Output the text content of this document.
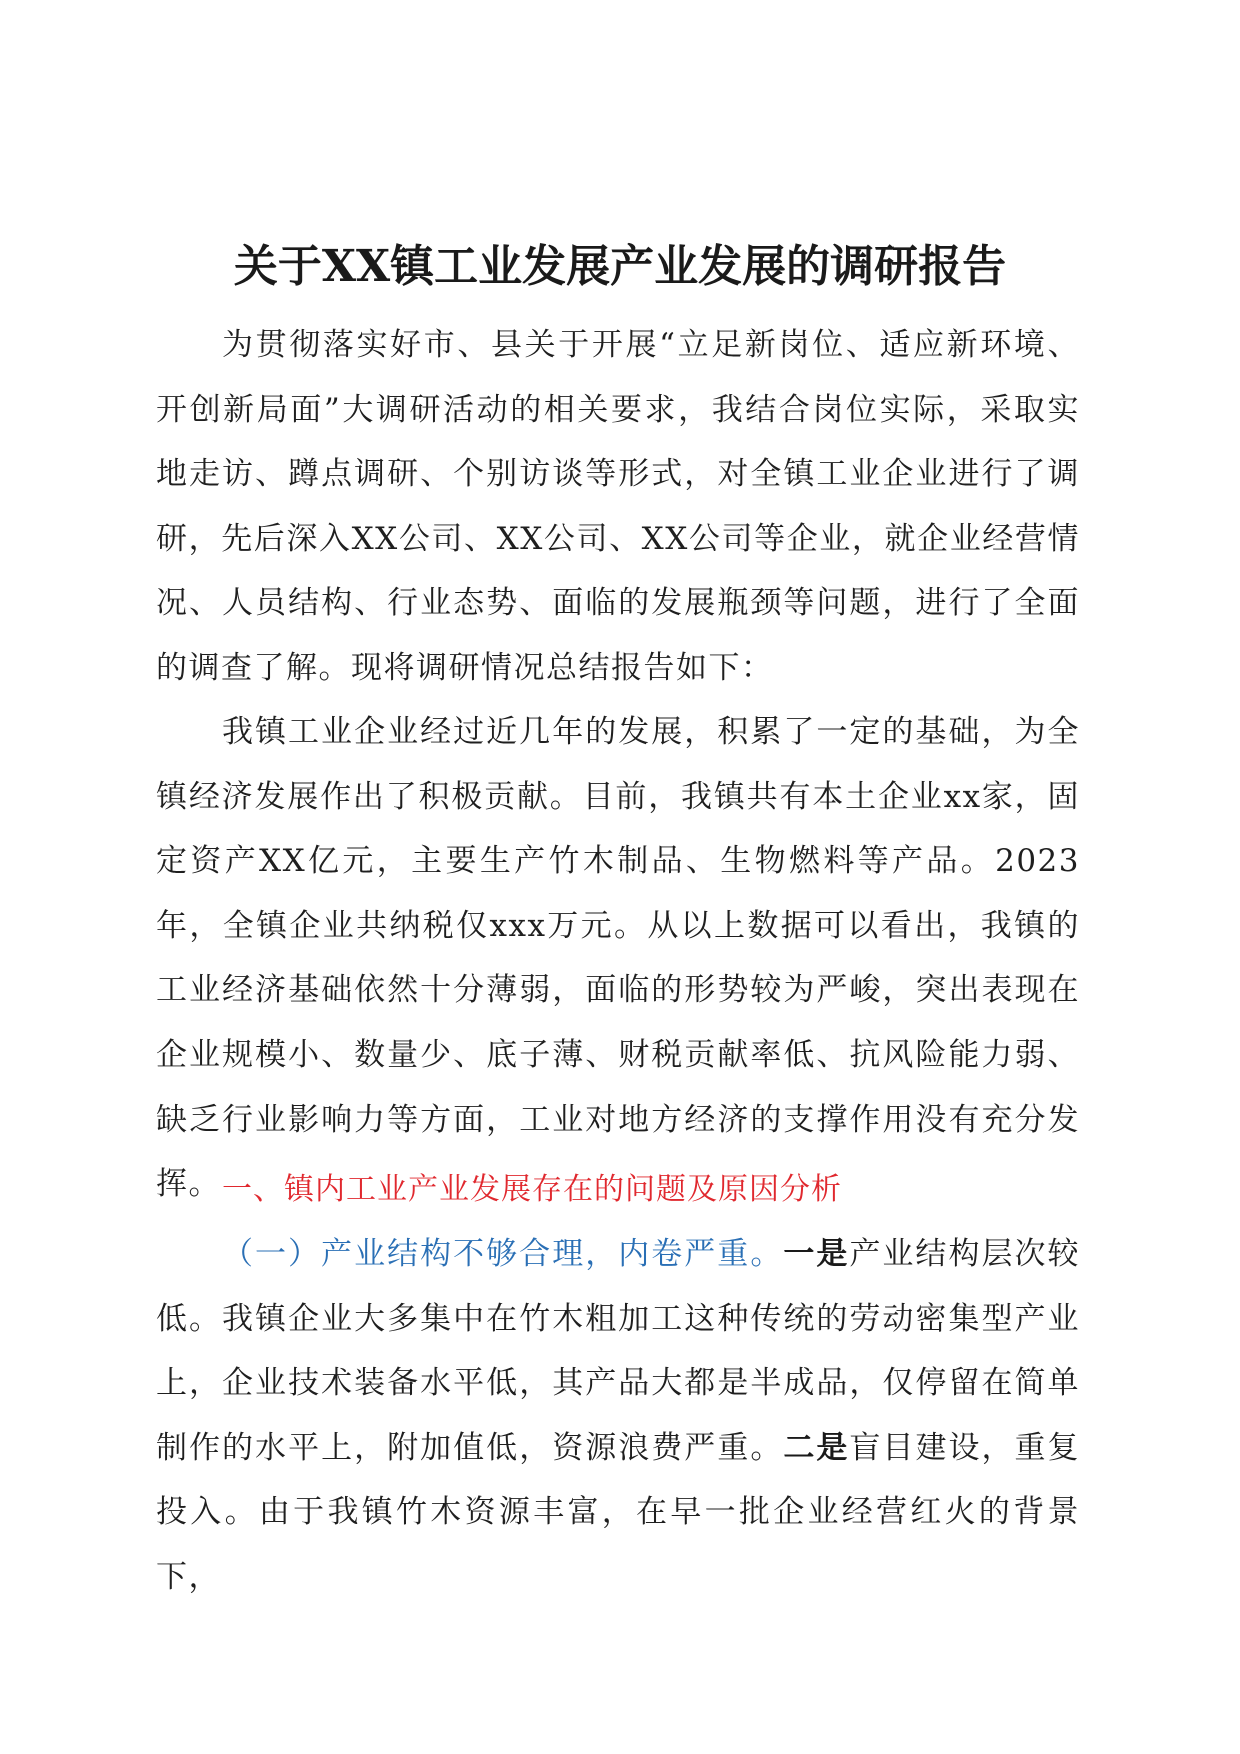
关于XX镇工业发展产业发展的调研报告

为贯彻落实好市、县关于开展“立足新岗位、适应新环境、开创新局面”大调研活动的相关要求，我结合岗位实际，采取实地走访、蹲点调研、个别访谈等形式，对全镇工业企业进行了调研，先后深入XX公司、XX公司、XX公司等企业，就企业经营情况、人员结构、行业态势、面临的发展瓶颈等问题，进行了全面的调查了解。现将调研情况总结报告如下：

我镇工业企业经过近几年的发展，积累了一定的基础，为全镇经济发展作出了积极贡献。目前，我镇共有本土企业xx家，固定资产XX亿元，主要生产竹木制品、生物燃料等产品。2023年，全镇企业共纳税仅xxx万元。从以上数据可以看出，我镇的工业经济基础依然十分薄弱，面临的形势较为严峻，突出表现在企业规模小、数量少、底子薄、财税贡献率低、抗风险能力弱、缺乏行业影响力等方面，工业对地方经济的支撑作用没有充分发挥。 一、镇内工业产业发展存在的问题及原因分析

（一）产业结构不够合理，内卷严重。一是产业结构层次较低。我镇企业大多集中在竹木粗加工这种传统的劳动密集型产业上，企业技术装备水平低，其产品大都是半成品，仅停留在简单制作的水平上，附加值低，资源浪费严重。二是盲目建设，重复投入。由于我镇竹木资源丰富，在早一批企业经营红火的背景下，
